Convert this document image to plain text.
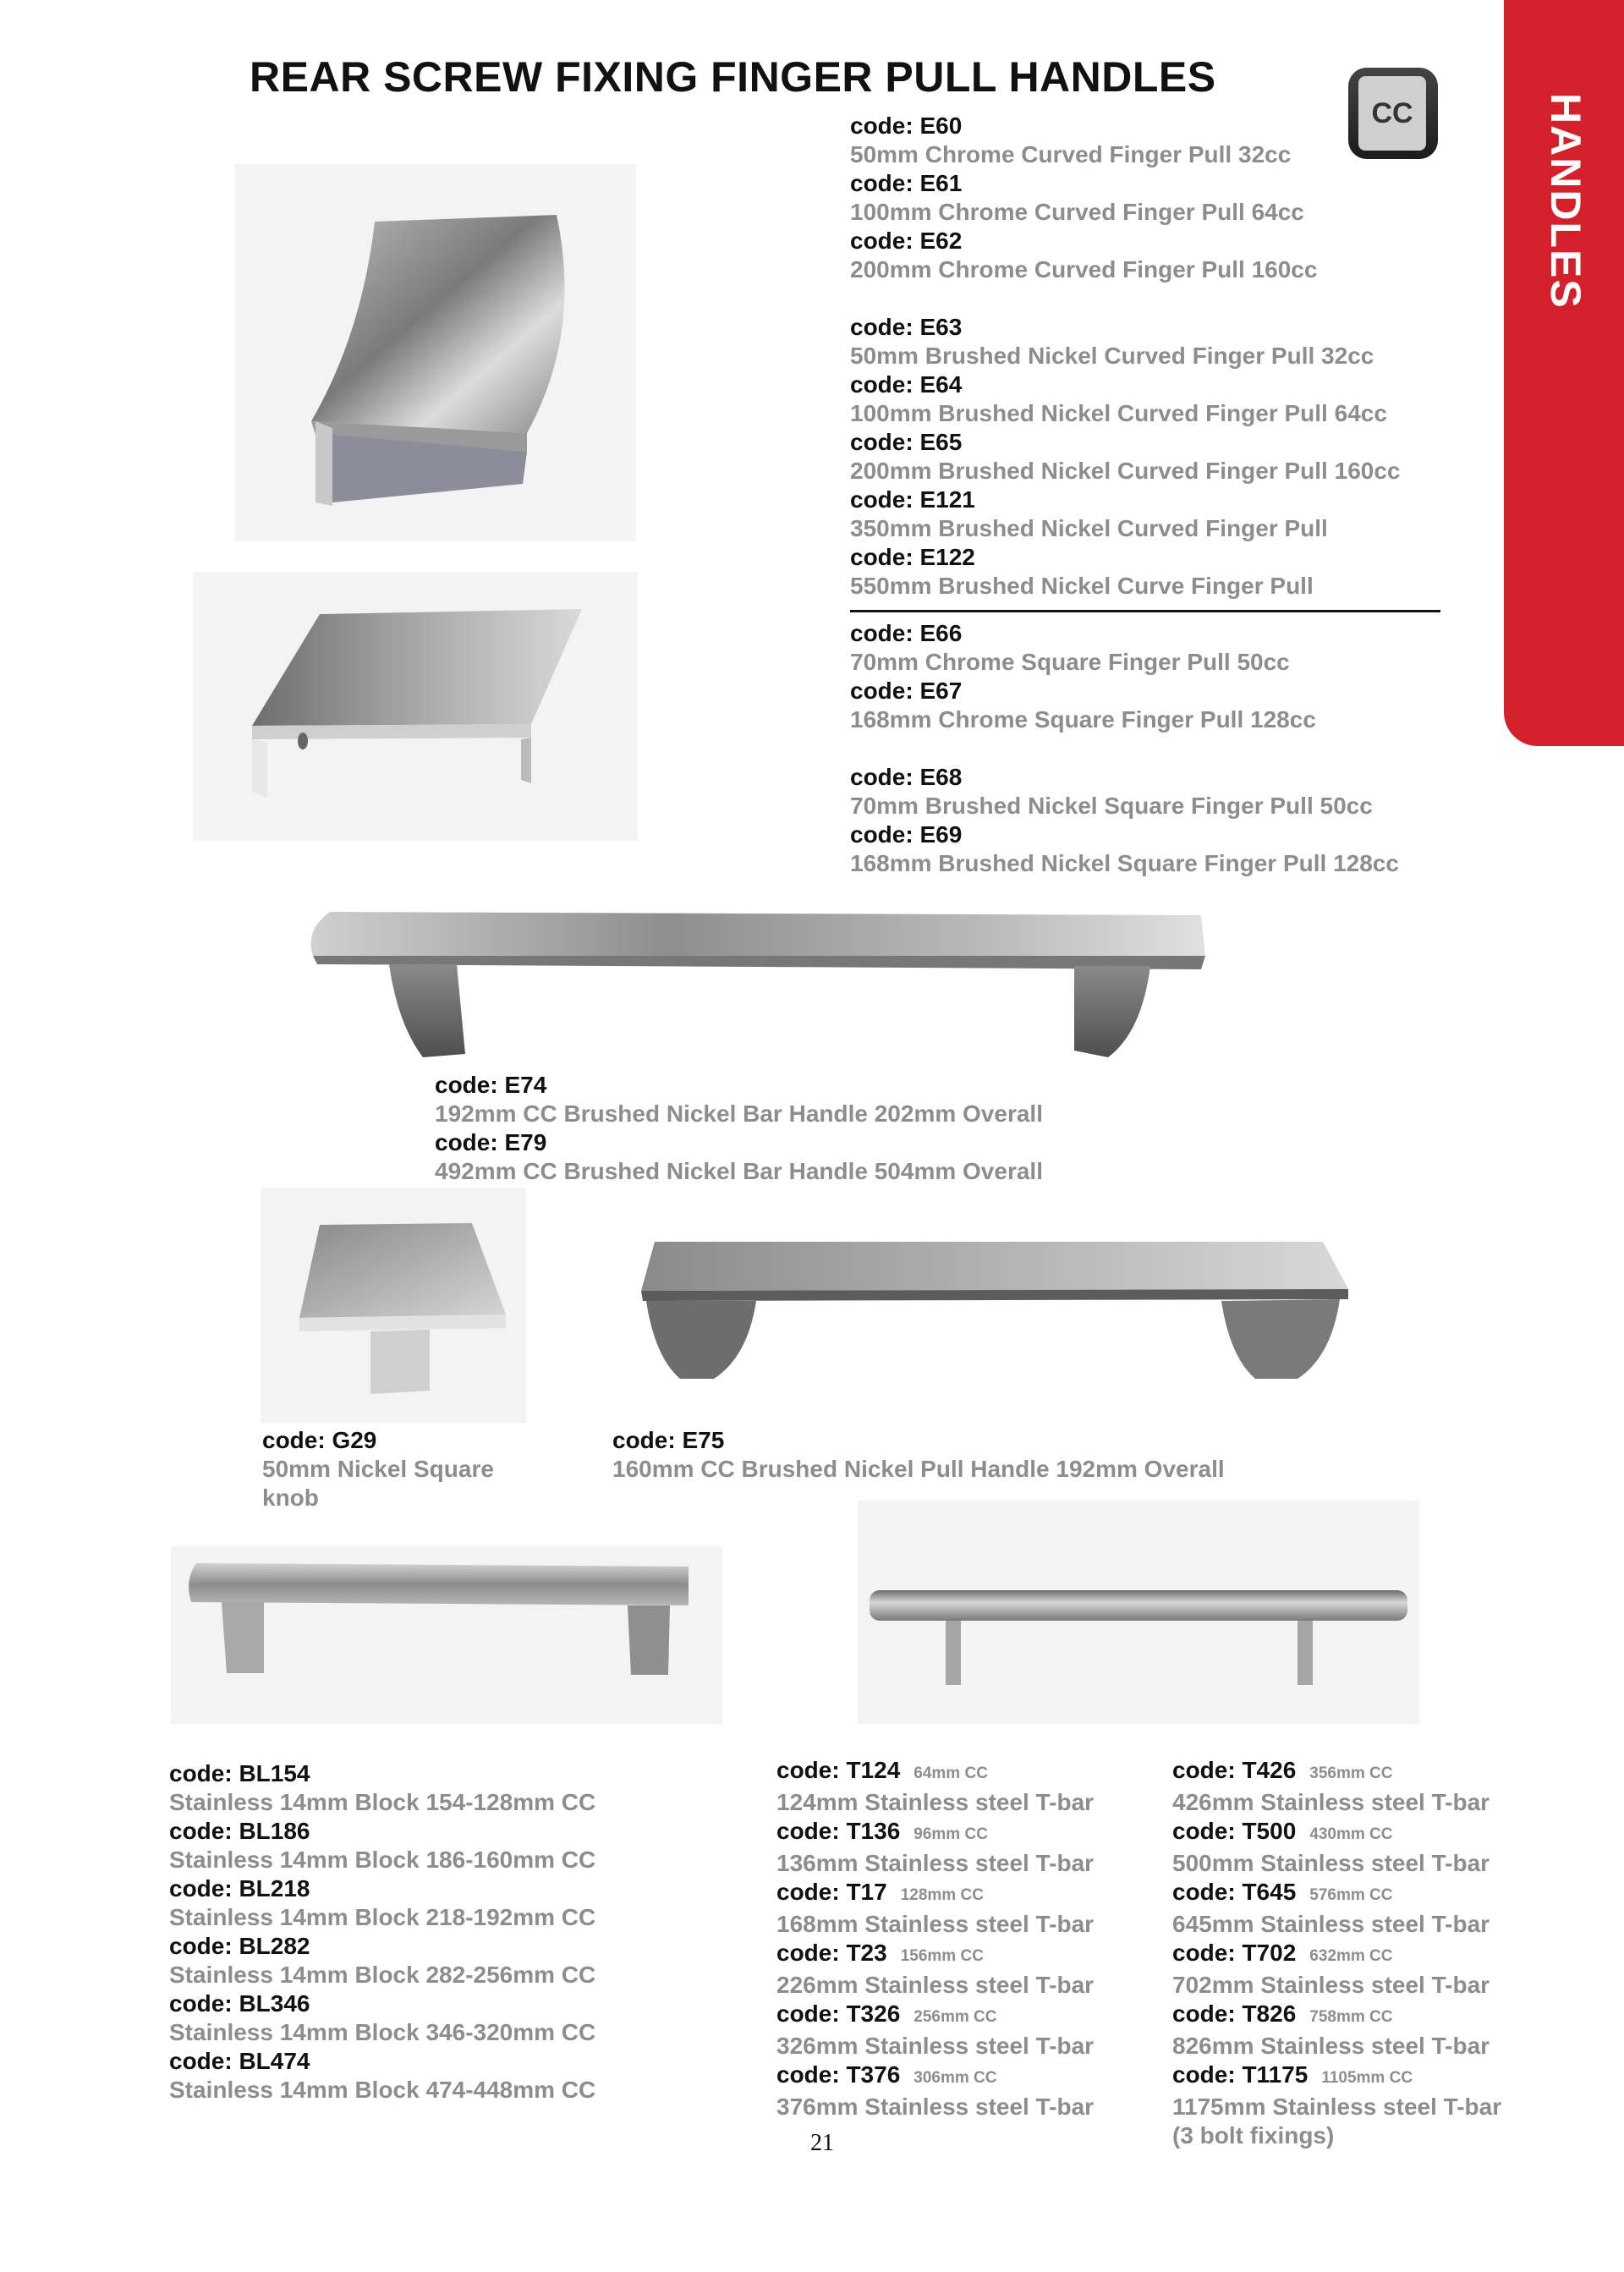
REAR SCREW FIXING FINGER PULL HANDLES
HANDLES
CC
code: E60
50mm Chrome Curved Finger Pull 32cc
code: E61
100mm Chrome Curved Finger Pull 64cc
code: E62
200mm Chrome Curved Finger Pull 160cc
code: E63
50mm Brushed Nickel Curved Finger Pull 32cc
code: E64
100mm Brushed Nickel Curved Finger Pull 64cc
code: E65
200mm Brushed Nickel Curved Finger Pull 160cc
code: E121
350mm Brushed Nickel Curved Finger Pull
code: E122
550mm Brushed Nickel Curve Finger Pull
code: E66
70mm Chrome Square Finger Pull 50cc
code: E67
168mm Chrome Square Finger Pull 128cc
code: E68
70mm Brushed Nickel Square Finger Pull 50cc
code: E69
168mm Brushed Nickel Square Finger Pull 128cc
code: E74
192mm CC Brushed Nickel Bar Handle 202mm Overall
code: E79
492mm CC Brushed Nickel Bar Handle 504mm Overall
code: G29
50mm Nickel Square
knob
code: E75
160mm CC Brushed Nickel Pull Handle 192mm Overall
code: BL154
Stainless 14mm Block 154-128mm CC
code: BL186
Stainless 14mm Block 186-160mm CC
code: BL218
Stainless 14mm Block 218-192mm CC
code: BL282
Stainless 14mm Block 282-256mm CC
code: BL346
Stainless 14mm Block 346-320mm CC
code: BL474
Stainless 14mm Block 474-448mm CC
code: T124 64mm CC
124mm Stainless steel T-bar
code: T136 96mm CC
136mm Stainless steel T-bar
code: T17 128mm CC
168mm Stainless steel T-bar
code: T23 156mm CC
226mm Stainless steel T-bar
code: T326 256mm CC
326mm Stainless steel T-bar
code: T376 306mm CC
376mm Stainless steel T-bar
code: T426 356mm CC
426mm Stainless steel T-bar
code: T500 430mm CC
500mm Stainless steel T-bar
code: T645 576mm CC
645mm Stainless steel T-bar
code: T702 632mm CC
702mm Stainless steel T-bar
code: T826 758mm CC
826mm Stainless steel T-bar
code: T1175 1105mm CC
1175mm Stainless steel T-bar
(3 bolt fixings)
21
